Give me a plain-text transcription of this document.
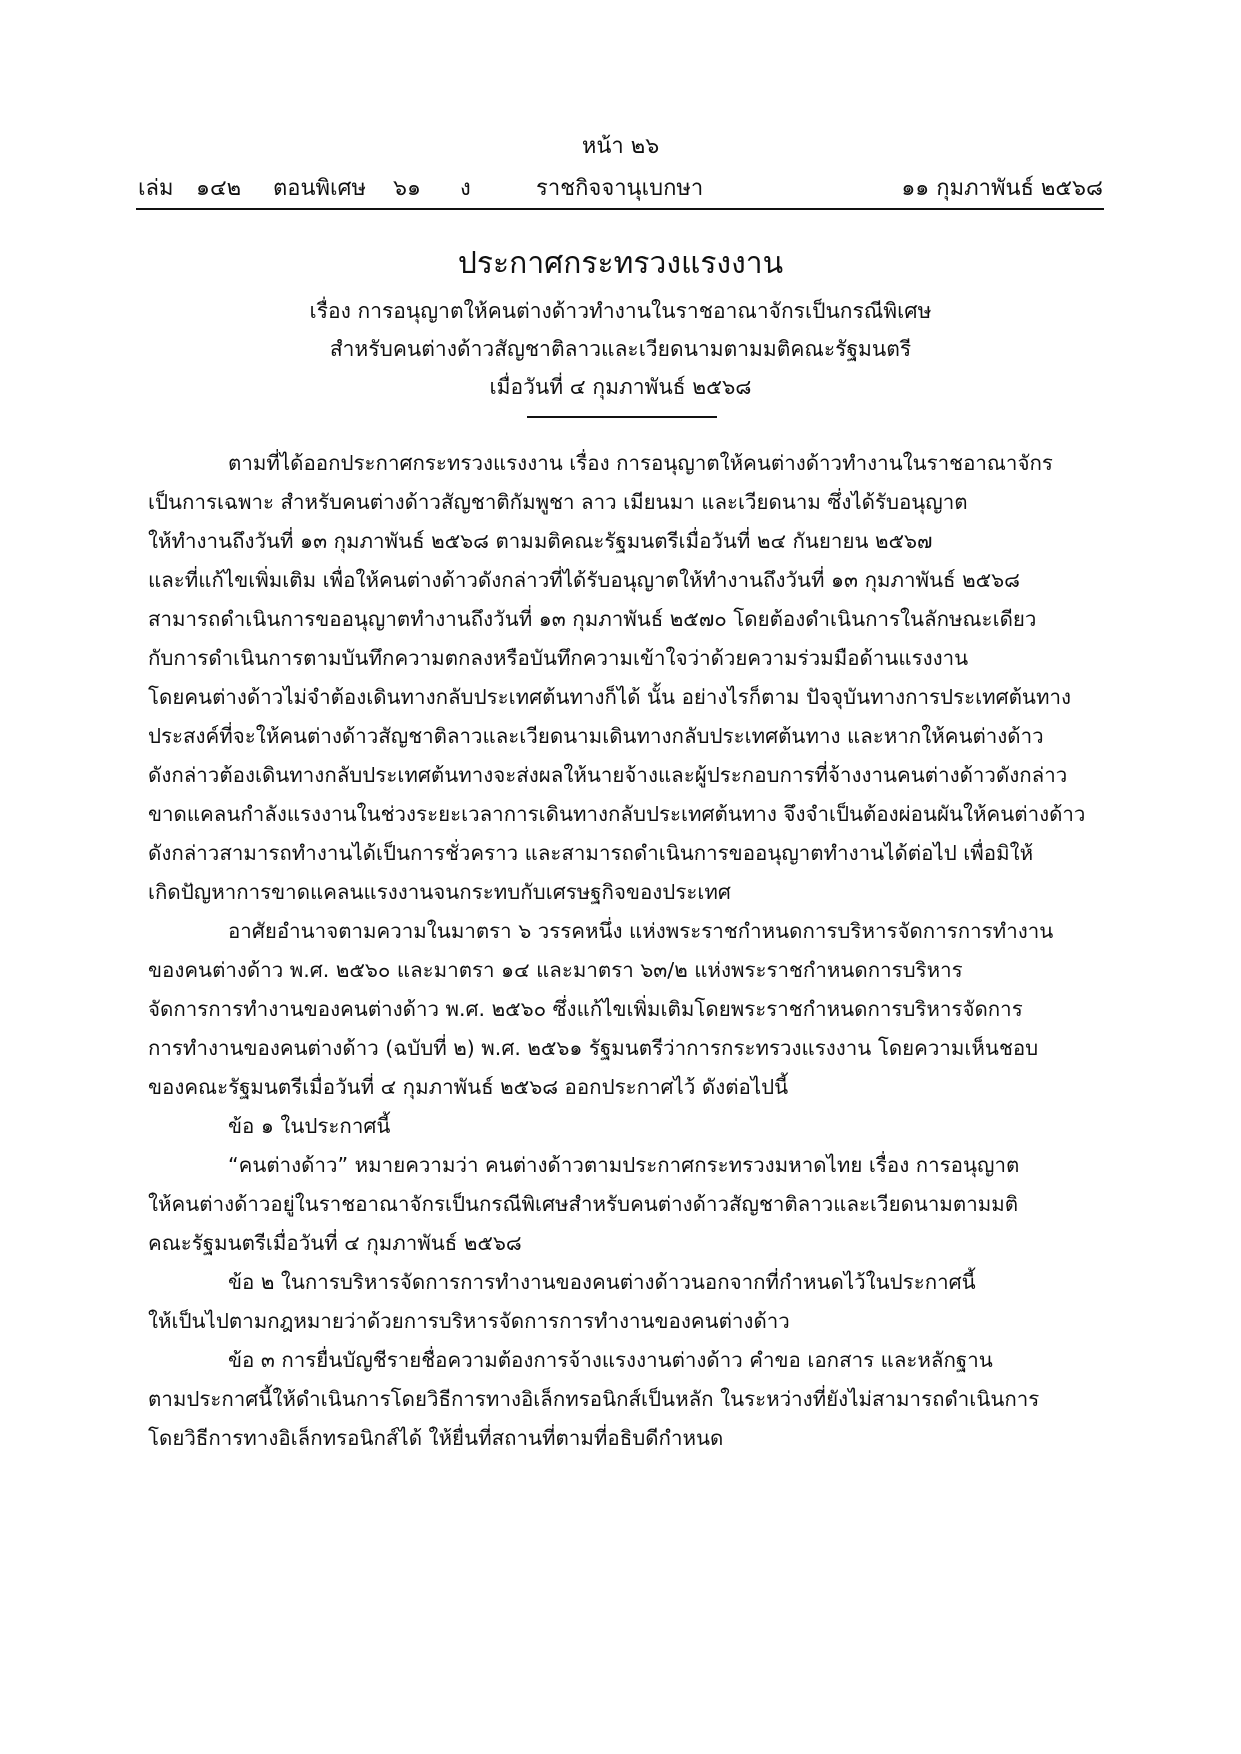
หน้า ๒๖
เล่ม ๑๔๒ ตอนพิเศษ ๖๑ ง	ราชกิจจานุเบกษา	๑๑ กุมภาพันธ์ ๒๕๖๘
ประกาศกระทรวงแรงงาน
เรื่อง การอนุญาตให้คนต่างด้าวทำงานในราชอาณาจักรเป็นกรณีพิเศษ
สำหรับคนต่างด้าวสัญชาติลาวและเวียดนามตามมติคณะรัฐมนตรี
เมื่อวันที่ ๔ กุมภาพันธ์ ๒๕๖๘
ตามที่ได้ออกประกาศกระทรวงแรงงาน เรื่อง การอนุญาตให้คนต่างด้าวทำงานในราชอาณาจักร
เป็นการเฉพาะ สำหรับคนต่างด้าวสัญชาติกัมพูชา ลาว เมียนมา และเวียดนาม ซึ่งได้รับอนุญาต
ให้ทำงานถึงวันที่ ๑๓ กุมภาพันธ์ ๒๕๖๘ ตามมติคณะรัฐมนตรีเมื่อวันที่ ๒๔ กันยายน ๒๕๖๗
และที่แก้ไขเพิ่มเติม เพื่อให้คนต่างด้าวดังกล่าวที่ได้รับอนุญาตให้ทำงานถึงวันที่ ๑๓ กุมภาพันธ์ ๒๕๖๘
สามารถดำเนินการขออนุญาตทำงานถึงวันที่ ๑๓ กุมภาพันธ์ ๒๕๗๐ โดยต้องดำเนินการในลักษณะเดียว
กับการดำเนินการตามบันทึกความตกลงหรือบันทึกความเข้าใจว่าด้วยความร่วมมือด้านแรงงาน
โดยคนต่างด้าวไม่จำต้องเดินทางกลับประเทศต้นทางก็ได้ นั้น อย่างไรก็ตาม ปัจจุบันทางการประเทศต้นทาง
ประสงค์ที่จะให้คนต่างด้าวสัญชาติลาวและเวียดนามเดินทางกลับประเทศต้นทาง และหากให้คนต่างด้าว
ดังกล่าวต้องเดินทางกลับประเทศต้นทางจะส่งผลให้นายจ้างและผู้ประกอบการที่จ้างงานคนต่างด้าวดังกล่าว
ขาดแคลนกำลังแรงงานในช่วงระยะเวลาการเดินทางกลับประเทศต้นทาง จึงจำเป็นต้องผ่อนผันให้คนต่างด้าว
ดังกล่าวสามารถทำงานได้เป็นการชั่วคราว และสามารถดำเนินการขออนุญาตทำงานได้ต่อไป เพื่อมิให้
เกิดปัญหาการขาดแคลนแรงงานจนกระทบกับเศรษฐกิจของประเทศ
อาศัยอำนาจตามความในมาตรา ๖ วรรคหนึ่ง แห่งพระราชกำหนดการบริหารจัดการการทำงาน
ของคนต่างด้าว พ.ศ. ๒๕๖๐ และมาตรา ๑๔ และมาตรา ๖๓/๒ แห่งพระราชกำหนดการบริหาร
จัดการการทำงานของคนต่างด้าว พ.ศ. ๒๕๖๐ ซึ่งแก้ไขเพิ่มเติมโดยพระราชกำหนดการบริหารจัดการ
การทำงานของคนต่างด้าว (ฉบับที่ ๒) พ.ศ. ๒๕๖๑ รัฐมนตรีว่าการกระทรวงแรงงาน โดยความเห็นชอบ
ของคณะรัฐมนตรีเมื่อวันที่ ๔ กุมภาพันธ์ ๒๕๖๘ ออกประกาศไว้ ดังต่อไปนี้
ข้อ ๑ ในประกาศนี้
“คนต่างด้าว” หมายความว่า คนต่างด้าวตามประกาศกระทรวงมหาดไทย เรื่อง การอนุญาต
ให้คนต่างด้าวอยู่ในราชอาณาจักรเป็นกรณีพิเศษสำหรับคนต่างด้าวสัญชาติลาวและเวียดนามตามมติ
คณะรัฐมนตรีเมื่อวันที่ ๔ กุมภาพันธ์ ๒๕๖๘
ข้อ ๒ ในการบริหารจัดการการทำงานของคนต่างด้าวนอกจากที่กำหนดไว้ในประกาศนี้
ให้เป็นไปตามกฎหมายว่าด้วยการบริหารจัดการการทำงานของคนต่างด้าว
ข้อ ๓ การยื่นบัญชีรายชื่อความต้องการจ้างแรงงานต่างด้าว คำขอ เอกสาร และหลักฐาน
ตามประกาศนี้ให้ดำเนินการโดยวิธีการทางอิเล็กทรอนิกส์เป็นหลัก ในระหว่างที่ยังไม่สามารถดำเนินการ
โดยวิธีการทางอิเล็กทรอนิกส์ได้ ให้ยื่นที่สถานที่ตามที่อธิบดีกำหนด
